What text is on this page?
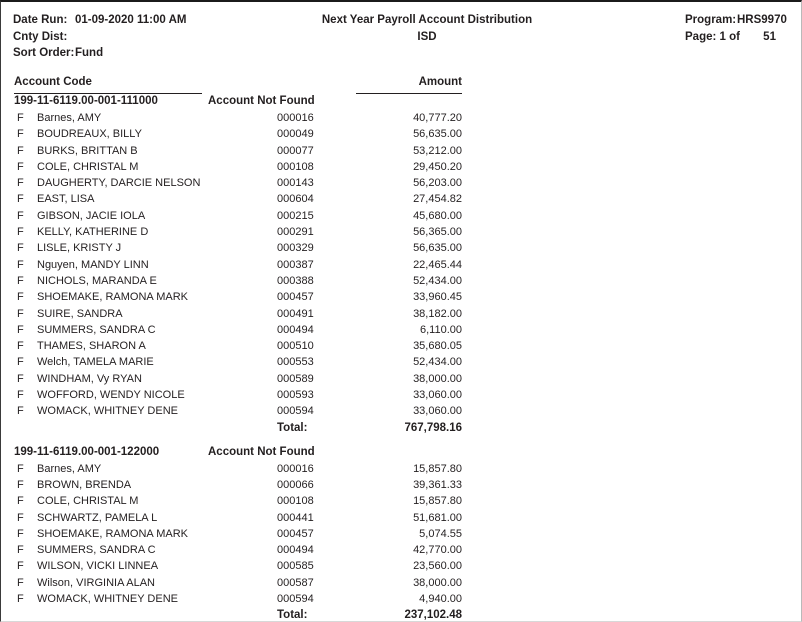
Date Run: 01-09-2020 11:00 AM
Cnty Dist:
Sort Order:Fund
Next Year Payroll Account Distribution
ISD
Program:HRS9970
Page: 1 of 51
Account Code	Amount
199-11-6119.00-001-111000	Account Not Found
F Barnes, AMY	000016	40,777.20
F BOUDREAUX, BILLY	000049	56,635.00
F BURKS, BRITTAN B	000077	53,212.00
F COLE, CHRISTAL M	000108	29,450.20
F DAUGHERTY, DARCIE NELSON	000143	56,203.00
F EAST, LISA	000604	27,454.82
F GIBSON, JACIE IOLA	000215	45,680.00
F KELLY, KATHERINE D	000291	56,365.00
F LISLE, KRISTY J	000329	56,635.00
F Nguyen, MANDY LINN	000387	22,465.44
F NICHOLS, MARANDA E	000388	52,434.00
F SHOEMAKE, RAMONA MARK	000457	33,960.45
F SUIRE, SANDRA	000491	38,182.00
F SUMMERS, SANDRA C	000494	6,110.00
F THAMES, SHARON A	000510	35,680.05
F Welch, TAMELA MARIE	000553	52,434.00
F WINDHAM, Vy RYAN	000589	38,000.00
F WOFFORD, WENDY NICOLE	000593	33,060.00
F WOMACK, WHITNEY DENE	000594	33,060.00
Total:	767,798.16
199-11-6119.00-001-122000	Account Not Found
F Barnes, AMY	000016	15,857.80
F BROWN, BRENDA	000066	39,361.33
F COLE, CHRISTAL M	000108	15,857.80
F SCHWARTZ, PAMELA L	000441	51,681.00
F SHOEMAKE, RAMONA MARK	000457	5,074.55
F SUMMERS, SANDRA C	000494	42,770.00
F WILSON, VICKI LINNEA	000585	23,560.00
F Wilson, VIRGINIA ALAN	000587	38,000.00
F WOMACK, WHITNEY DENE	000594	4,940.00
Total:	237,102.48
